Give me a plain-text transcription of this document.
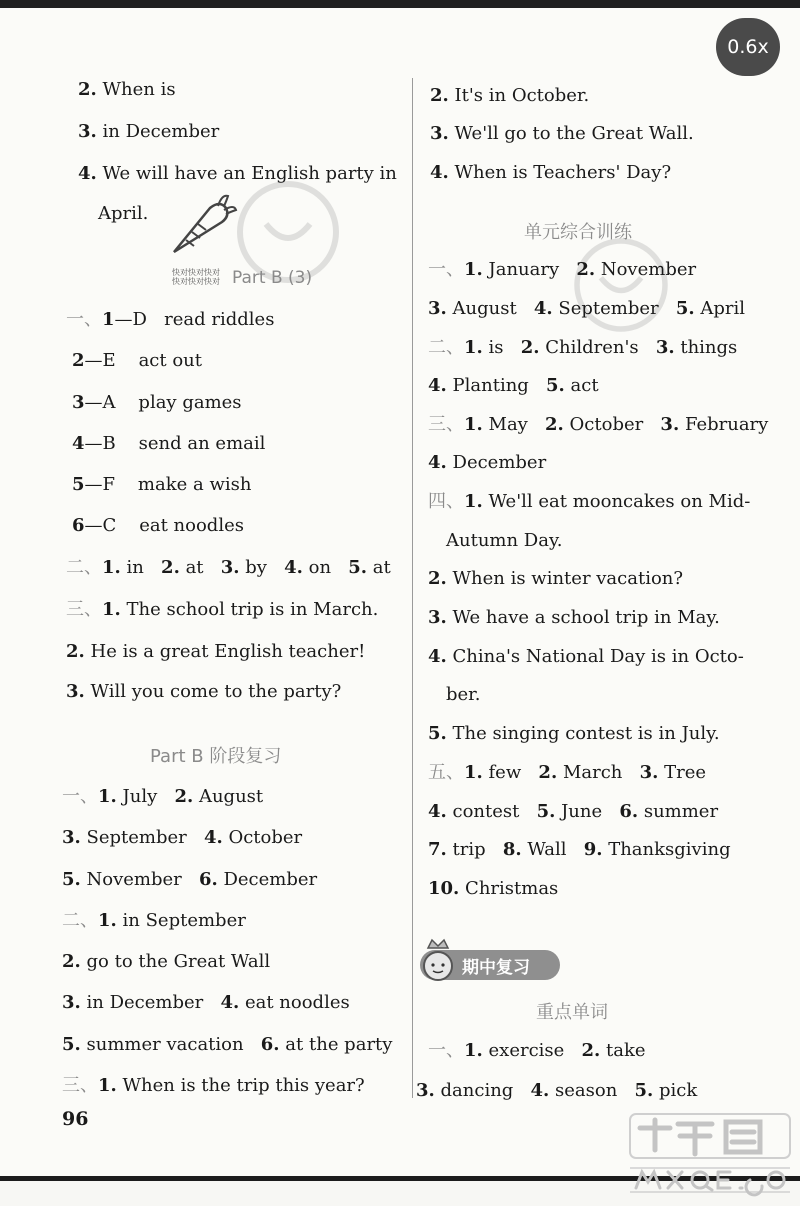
0.6x
快对快对快对
快对快对快对
2. When is
3. in December
4. We will have an English party in
April.
Part B (3)
一、1—D read riddles
2—E act out
3—A play games
4—B send an email
5—F make a wish
6—C eat noodles
二、1. in 2. at 3. by 4. on 5. at
三、1. The school trip is in March.
2. He is a great English teacher!
3. Will you come to the party?
Part B 阶段复习
一、1. July 2. August
3. September 4. October
5. November 6. December
二、1. in September
2. go to the Great Wall
3. in December 4. eat noodles
5. summer vacation 6. at the party
三、1. When is the trip this year?
96
2. It's in October.
3. We'll go to the Great Wall.
4. When is Teachers' Day?
单元综合训练
一、1. January 2. November
3. August 4. September 5. April
二、1. is 2. Children's 3. things
4. Planting 5. act
三、1. May 2. October 3. February
4. December
四、1. We'll eat mooncakes on Mid-
Autumn Day.
2. When is winter vacation?
3. We have a school trip in May.
4. China's National Day is in Octo-
ber.
5. The singing contest is in July.
五、1. few 2. March 3. Tree
4. contest 5. June 6. summer
7. trip 8. Wall 9. Thanksgiving
10. Christmas
重点单词
一、1. exercise 2. take
3. dancing 4. season 5. pick
期中复习
